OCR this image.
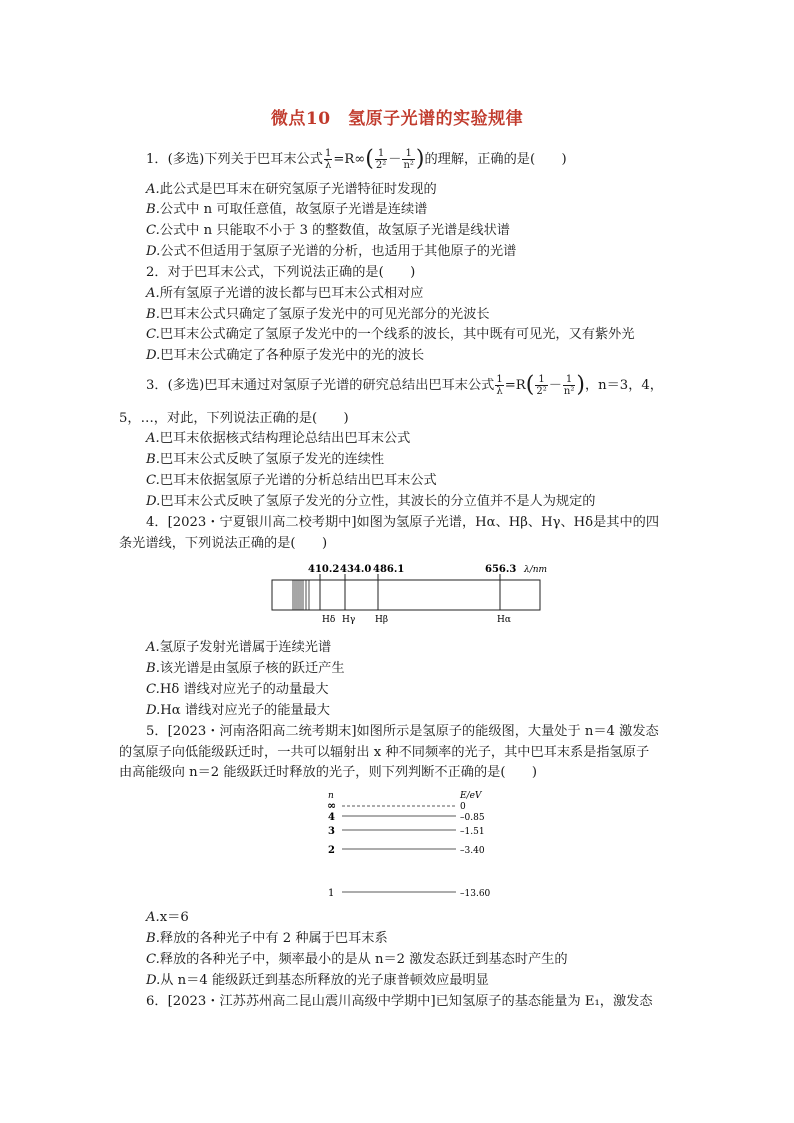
微点10　氢原子光谱的实验规律
1．(多选)下列关于巴耳末公式 $\frac{1}{\lambda} =R\infty( \frac{1}{\text{2²}} - \frac{1}{\text{n²}}$ )的理解，正确的是(　　)
A.此公式是巴耳末在研究氢原子光谱特征时发现的
B.公式中 n 可取任意值，故氢原子光谱是连续谱
C.公式中 n 只能取不小于 3 的整数值，故氢原子光谱是线状谱
D.公式不但适用于氢原子光谱的分析，也适用于其他原子的光谱
2．对于巴耳末公式，下列说法正确的是(　　)
A.所有氢原子光谱的波长都与巴耳末公式相对应
B.巴耳末公式只确定了氢原子发光中的可见光部分的光波长
C.巴耳末公式确定了氢原子发光中的一个线系的波长，其中既有可见光，又有紫外光
D.巴耳末公式确定了各种原子发光中的光的波长
3．(多选)巴耳末通过对氢原子光谱的研究总结出巴耳末公式 $\frac{1}{\lambda} =R( \frac{1}{\text{2²}} - \frac{1}{\text{n²}}$ )，n＝3，4，
5，…，对此，下列说法正确的是(　　)
A.巴耳末依据核式结构理论总结出巴耳末公式
B.巴耳末公式反映了氢原子发光的连续性
C.巴耳末依据氢原子光谱的分析总结出巴耳末公式
D.巴耳末公式反映了氢原子发光的分立性，其波长的分立值并不是人为规定的
4．[2023・宁夏银川高二校考期中]如图为氢原子光谱，Hα、Hβ、Hγ、Hδ是其中的四
条光谱线，下列说法正确的是(　　)
410.2 434.0 486.1	656.3 λ/nm
Hδ Hγ Hβ	Hα
A.氢原子发射光谱属于连续光谱
B.该光谱是由氢原子核的跃迁产生
C.Hδ 谱线对应光子的动量最大
D.Hα 谱线对应光子的能量最大
5．[2023・河南洛阳高二统考期末]如图所示是氢原子的能级图，大量处于 n＝4 激发态
的氢原子向低能级跃迁时，一共可以辐射出 x 种不同频率的光子，其中巴耳末系是指氢原子
由高能级向 n＝2 能级跃迁时释放的光子，则下列判断不正确的是(　　)
n	E/eV
∞	0
4	–0.85
3	–1.51
2	–3.40
1	–13.60
A.x＝6
B.释放的各种光子中有 2 种属于巴耳末系
C.释放的各种光子中，频率最小的是从 n＝2 激发态跃迁到基态时产生的
D.从 n＝4 能级跃迁到基态所释放的光子康普顿效应最明显
6．[2023・江苏苏州高二昆山震川高级中学期中]已知氢原子的基态能量为 E₁，激发态
